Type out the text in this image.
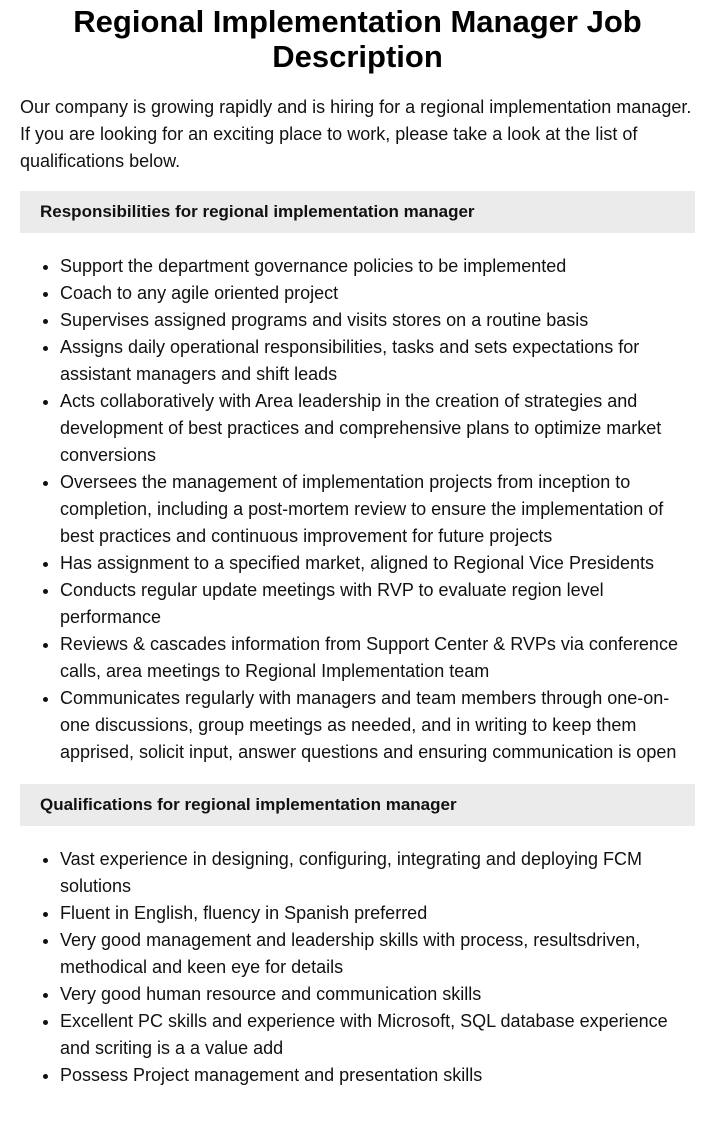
Regional Implementation Manager Job Description

Our company is growing rapidly and is hiring for a regional implementation manager. If you are looking for an exciting place to work, please take a look at the list of qualifications below.

Responsibilities for regional implementation manager
• Support the department governance policies to be implemented
• Coach to any agile oriented project
• Supervises assigned programs and visits stores on a routine basis
• Assigns daily operational responsibilities, tasks and sets expectations for assistant managers and shift leads
• Acts collaboratively with Area leadership in the creation of strategies and development of best practices and comprehensive plans to optimize market conversions
• Oversees the management of implementation projects from inception to completion, including a post-mortem review to ensure the implementation of best practices and continuous improvement for future projects
• Has assignment to a specified market, aligned to Regional Vice Presidents
• Conducts regular update meetings with RVP to evaluate region level performance
• Reviews & cascades information from Support Center & RVPs via conference calls, area meetings to Regional Implementation team
• Communicates regularly with managers and team members through one-on-one discussions, group meetings as needed, and in writing to keep them apprised, solicit input, answer questions and ensuring communication is open
Qualifications for regional implementation manager
• Vast experience in designing, configuring, integrating and deploying FCM solutions
• Fluent in English, fluency in Spanish preferred
• Very good management and leadership skills with process, resultsdriven, methodical and keen eye for details
• Very good human resource and communication skills
• Excellent PC skills and experience with Microsoft, SQL database experience and scriting is a a value add
• Possess Project management and presentation skills
